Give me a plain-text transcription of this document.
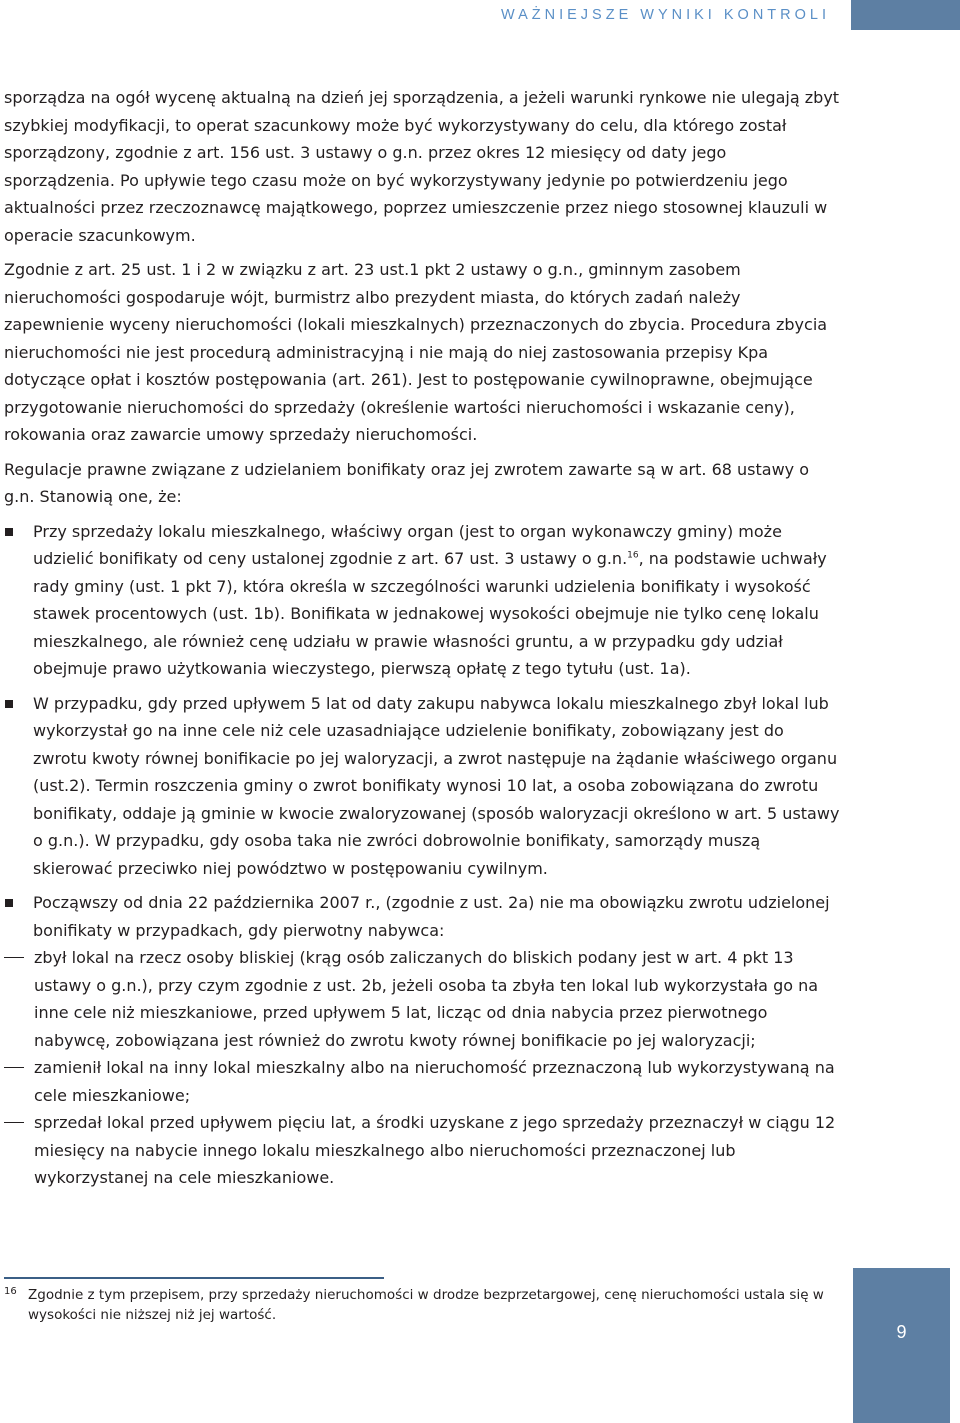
WAŻNIEJSZE WYNIKI KONTROLI

sporządza na ogół wycenę aktualną na dzień jej sporządzenia, a jeżeli warunki rynkowe nie ulegają zbyt szybkiej modyfikacji, to operat szacunkowy może być wykorzystywany do celu, dla którego został sporządzony, zgodnie z art. 156 ust. 3 ustawy o g.n. przez okres 12 miesięcy od daty jego sporządzenia. Po upływie tego czasu może on być wykorzystywany jedynie po potwierdzeniu jego aktualności przez rzeczoznawcę majątkowego, poprzez umieszczenie przez niego stosownej klauzuli w operacie szacunkowym.

Zgodnie z art. 25 ust. 1 i 2 w związku z art. 23 ust.1 pkt 2 ustawy o g.n., gminnym zasobem nieruchomości gospodaruje wójt, burmistrz albo prezydent miasta, do których zadań należy zapewnienie wyceny nieruchomości (lokali mieszkalnych) przeznaczonych do zbycia. Procedura zbycia nieruchomości nie jest procedurą administracyjną i nie mają do niej zastosowania przepisy Kpa dotyczące opłat i kosztów postępowania (art. 261). Jest to postępowanie cywilnoprawne, obejmujące przygotowanie nieruchomości do sprzedaży (określenie wartości nieruchomości i wskazanie ceny), rokowania oraz zawarcie umowy sprzedaży nieruchomości.

Regulacje prawne związane z udzielaniem bonifikaty oraz jej zwrotem zawarte są w art. 68 ustawy o g.n. Stanowią one, że:

Przy sprzedaży lokalu mieszkalnego, właściwy organ (jest to organ wykonawczy gminy) może udzielić bonifikaty od ceny ustalonej zgodnie z art. 67 ust. 3 ustawy o g.n.$^{16}$, na podstawie uchwały rady gminy (ust. 1 pkt 7), która określa w szczególności warunki udzielenia bonifikaty i wysokość stawek procentowych (ust. 1b). Bonifikata w jednakowej wysokości obejmuje nie tylko cenę lokalu mieszkalnego, ale również cenę udziału w prawie własności gruntu, a w przypadku gdy udział obejmuje prawo użytkowania wieczystego, pierwszą opłatę z tego tytułu (ust. 1a).
W przypadku, gdy przed upływem 5 lat od daty zakupu nabywca lokalu mieszkalnego zbył lokal lub wykorzystał go na inne cele niż cele uzasadniające udzielenie bonifikaty, zobowiązany jest do zwrotu kwoty równej bonifikacie po jej waloryzacji, a zwrot następuje na żądanie właściwego organu (ust.2). Termin roszczenia gminy o zwrot bonifikaty wynosi 10 lat, a osoba zobowiązana do zwrotu bonifikaty, oddaje ją gminie w kwocie zwaloryzowanej (sposób waloryzacji określono w art. 5 ustawy o g.n.). W przypadku, gdy osoba taka nie zwróci dobrowolnie bonifikaty, samorządy muszą skierować przeciwko niej powództwo w postępowaniu cywilnym.
Począwszy od dnia 22 października 2007 r., (zgodnie z ust. 2a) nie ma obowiązku zwrotu udzielonej bonifikaty w przypadkach, gdy pierwotny nabywca:
zbył lokal na rzecz osoby bliskiej (krąg osób zaliczanych do bliskich podany jest w art. 4 pkt 13 ustawy o g.n.), przy czym zgodnie z ust. 2b, jeżeli osoba ta zbyła ten lokal lub wykorzystała go na inne cele niż mieszkaniowe, przed upływem 5 lat, licząc od dnia nabycia przez pierwotnego nabywcę, zobowiązana jest również do zwrotu kwoty równej bonifikacie po jej waloryzacji;
zamienił lokal na inny lokal mieszkalny albo na nieruchomość przeznaczoną lub wykorzystywaną na cele mieszkaniowe;
sprzedał lokal przed upływem pięciu lat, a środki uzyskane z jego sprzedaży przeznaczył w ciągu 12 miesięcy na nabycie innego lokalu mieszkalnego albo nieruchomości przeznaczonej lub wykorzystanej na cele mieszkaniowe.
16 Zgodnie z tym przepisem, przy sprzedaży nieruchomości w drodze bezprzetargowej, cenę nieruchomości ustala się w wysokości nie niższej niż jej wartość.
9
